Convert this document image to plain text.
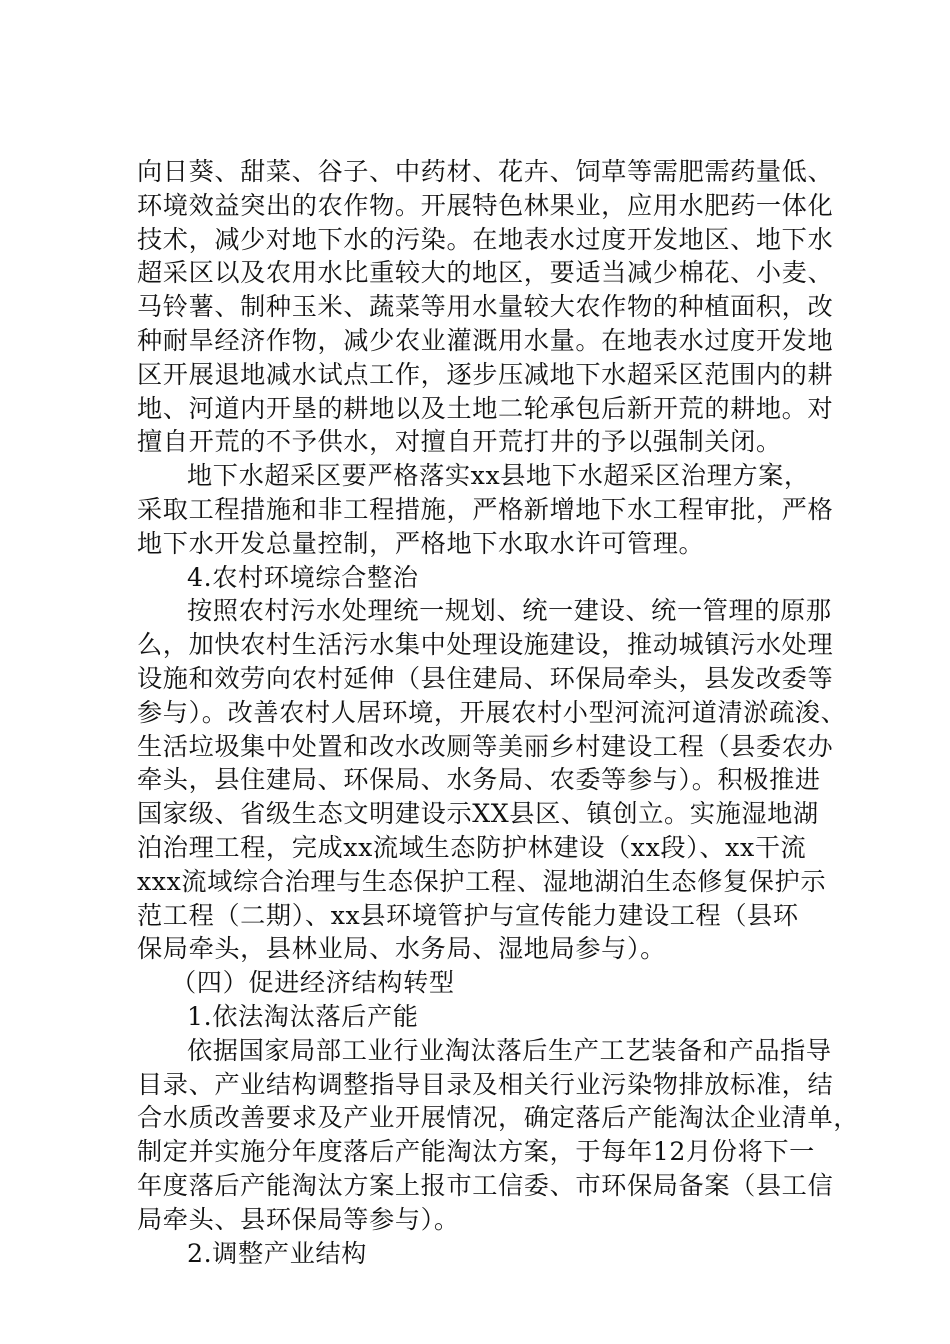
向日葵、甜菜、谷子、中药材、花卉、饲草等需肥需药量低、
环境效益突出的农作物。开展特色林果业，应用水肥药一体化
技术，减少对地下水的污染。在地表水过度开发地区、地下水
超采区以及农用水比重较大的地区，要适当减少棉花、小麦、
马铃薯、制种玉米、蔬菜等用水量较大农作物的种植面积，改
种耐旱经济作物，减少农业灌溉用水量。在地表水过度开发地
区开展退地减水试点工作，逐步压减地下水超采区范围内的耕
地、河道内开垦的耕地以及土地二轮承包后新开荒的耕地。对
擅自开荒的不予供水，对擅自开荒打井的予以强制关闭。
地下水超采区要严格落实xx县地下水超采区治理方案，
采取工程措施和非工程措施，严格新增地下水工程审批，严格
地下水开发总量控制，严格地下水取水许可管理。
4.农村环境综合整治
按照农村污水处理统一规划、统一建设、统一管理的原那
么，加快农村生活污水集中处理设施建设，推动城镇污水处理
设施和效劳向农村延伸（县住建局、环保局牵头，县发改委等
参与）。改善农村人居环境，开展农村小型河流河道清淤疏浚、
生活垃圾集中处置和改水改厕等美丽乡村建设工程（县委农办
牵头，县住建局、环保局、水务局、农委等参与）。积极推进
国家级、省级生态文明建设示XX县区、镇创立。实施湿地湖
泊治理工程，完成xx流域生态防护林建设（xx段）、xx干流
xxx流域综合治理与生态保护工程、湿地湖泊生态修复保护示
范工程（二期）、xx县环境管护与宣传能力建设工程（县环
保局牵头，县林业局、水务局、湿地局参与）。
（四）促进经济结构转型
1.依法淘汰落后产能
依据国家局部工业行业淘汰落后生产工艺装备和产品指导
目录、产业结构调整指导目录及相关行业污染物排放标准，结
合水质改善要求及产业开展情况，确定落后产能淘汰企业清单，
制定并实施分年度落后产能淘汰方案，于每年12月份将下一
年度落后产能淘汰方案上报市工信委、市环保局备案（县工信
局牵头、县环保局等参与）。
2.调整产业结构
